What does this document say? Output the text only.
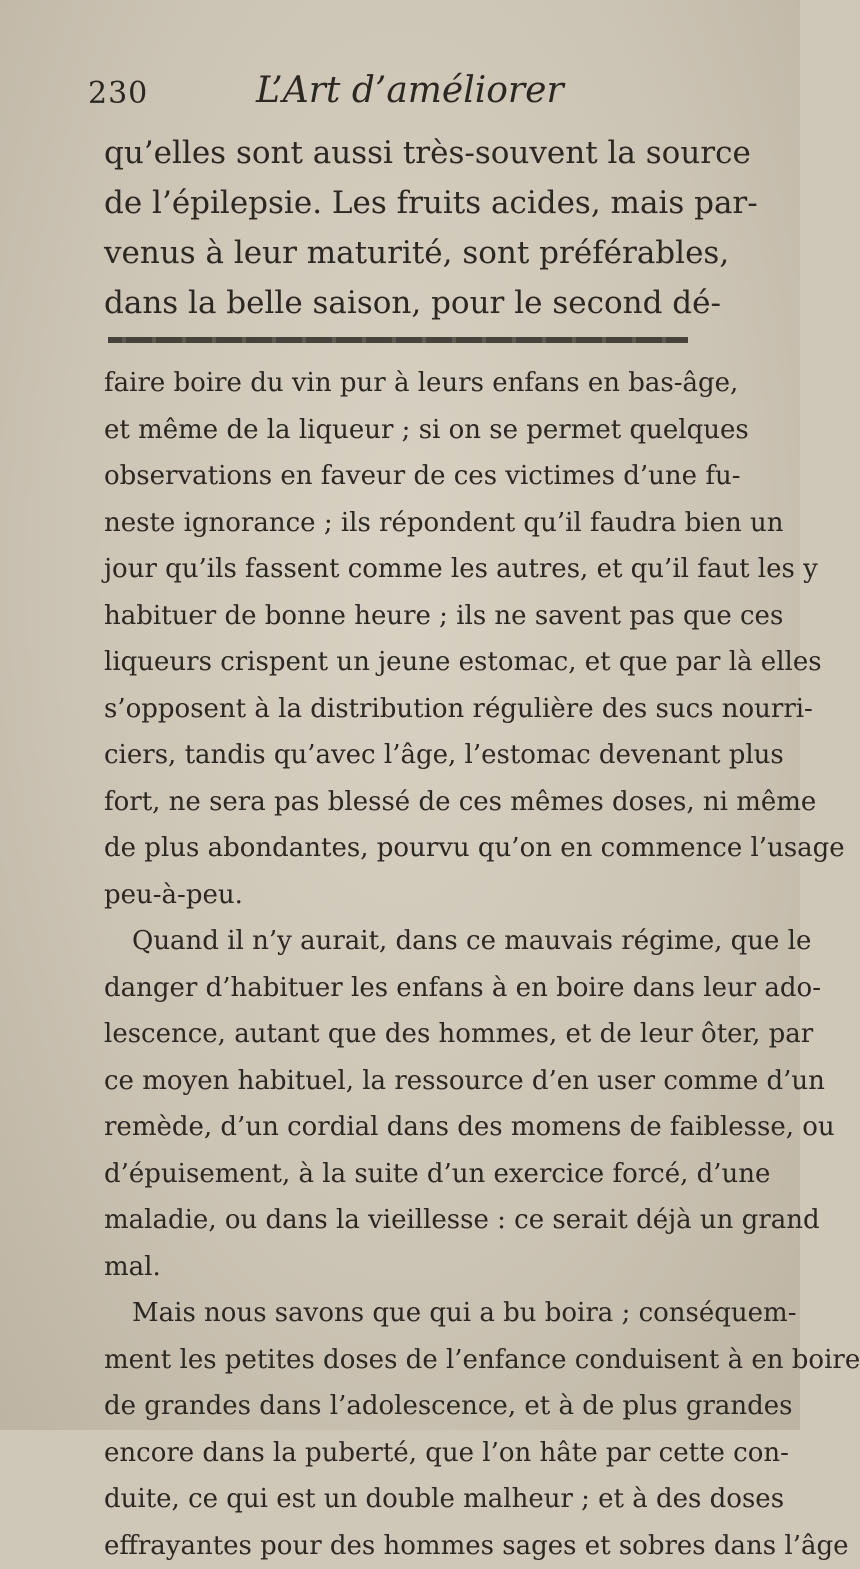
230	L’Art d’améliorer
qu’elles sont aussi très-souvent la source
de l’épilepsie. Les fruits acides, mais par-
venus à leur maturité, sont préférables,
dans la belle saison, pour le second dé-
faire boire du vin pur à leurs enfans en bas-âge,
et même de la liqueur ; si on se permet quelques
observations en faveur de ces victimes d’une fu-
neste ignorance ; ils répondent qu’il faudra bien un
jour qu’ils fassent comme les autres, et qu’il faut les y
habituer de bonne heure ; ils ne savent pas que ces
liqueurs crispent un jeune estomac, et que par là elles
s’opposent à la distribution régulière des sucs nourri-
ciers, tandis qu’avec l’âge, l’estomac devenant plus
fort, ne sera pas blessé de ces mêmes doses, ni même
de plus abondantes, pourvu qu’on en commence l’usage
peu-à-peu.
Quand il n’y aurait, dans ce mauvais régime, que le
danger d’habituer les enfans à en boire dans leur ado-
lescence, autant que des hommes, et de leur ôter, par
ce moyen habituel, la ressource d’en user comme d’un
remède, d’un cordial dans des momens de faiblesse, ou
d’épuisement, à la suite d’un exercice forcé, d’une
maladie, ou dans la vieillesse : ce serait déjà un grand
mal.
Mais nous savons que qui a bu boira ; conséquem-
ment les petites doses de l’enfance conduisent à en boire
de grandes dans l’adolescence, et à de plus grandes
encore dans la puberté, que l’on hâte par cette con-
duite, ce qui est un double malheur ; et à des doses
effrayantes pour des hommes sages et sobres dans l’âge
